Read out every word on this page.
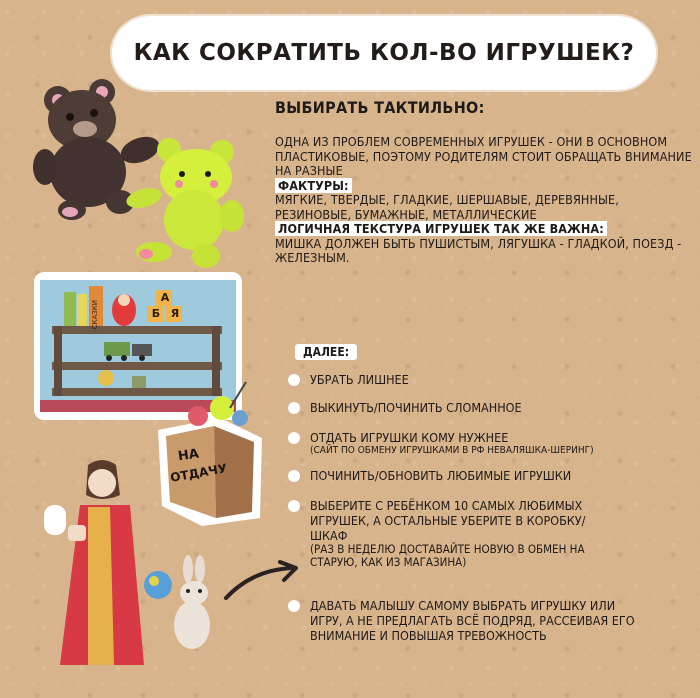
КАК СОКРАТИТЬ КОЛ-ВО ИГРУШЕК?
СКАЗКИ
А
Б Я
НА
ОТДАЧУ
ВЫБИРАТЬ ТАКТИЛЬНО:

ОДНА ИЗ ПРОБЛЕМ СОВРЕМЕННЫХ ИГРУШЕК - ОНИ В ОСНОВНОМ ПЛАСТИКОВЫЕ, ПОЭТОМУ РОДИТЕЛЯМ СТОИТ ОБРАЩАТЬ ВНИМАНИЕ НА РАЗНЫЕ
ФАКТУРЫ:
МЯГКИЕ, ТВЕРДЫЕ, ГЛАДКИЕ, ШЕРШАВЫЕ, ДЕРЕВЯННЫЕ, РЕЗИНОВЫЕ, БУМАЖНЫЕ, МЕТАЛЛИЧЕСКИЕ
ЛОГИЧНАЯ ТЕКСТУРА ИГРУШЕК ТАК ЖЕ ВАЖНА:
МИШКА ДОЛЖЕН БЫТЬ ПУШИСТЫМ, ЛЯГУШКА - ГЛАДКОЙ, ПОЕЗД - ЖЕЛЕЗНЫМ.

ДАЛЕЕ:
УБРАТЬ ЛИШНЕЕ
ВЫКИНУТЬ/ПОЧИНИТЬ СЛОМАННОЕ
ОТДАТЬ ИГРУШКИ КОМУ НУЖНЕЕ
(САЙТ ПО ОБМЕНУ ИГРУШКАМИ В РФ НЕВАЛЯШКА-ШЕРИНГ)
ПОЧИНИТЬ/ОБНОВИТЬ ЛЮБИМЫЕ ИГРУШКИ
ВЫБЕРИТЕ С РЕБЁНКОМ 10 САМЫХ ЛЮБИМЫХ ИГРУШЕК, А ОСТАЛЬНЫЕ УБЕРИТЕ В КОРОБКУ/ШКАФ
(РАЗ В НЕДЕЛЮ ДОСТАВАЙТЕ НОВУЮ В ОБМЕН НА СТАРУЮ, КАК ИЗ МАГАЗИНА)
ДАВАТЬ МАЛЫШУ САМОМУ ВЫБРАТЬ ИГРУШКУ ИЛИ ИГРУ, А НЕ ПРЕДЛАГАТЬ ВСЁ ПОДРЯД, РАССЕИВАЯ ЕГО ВНИМАНИЕ И ПОВЫШАЯ ТРЕВОЖНОСТЬ
